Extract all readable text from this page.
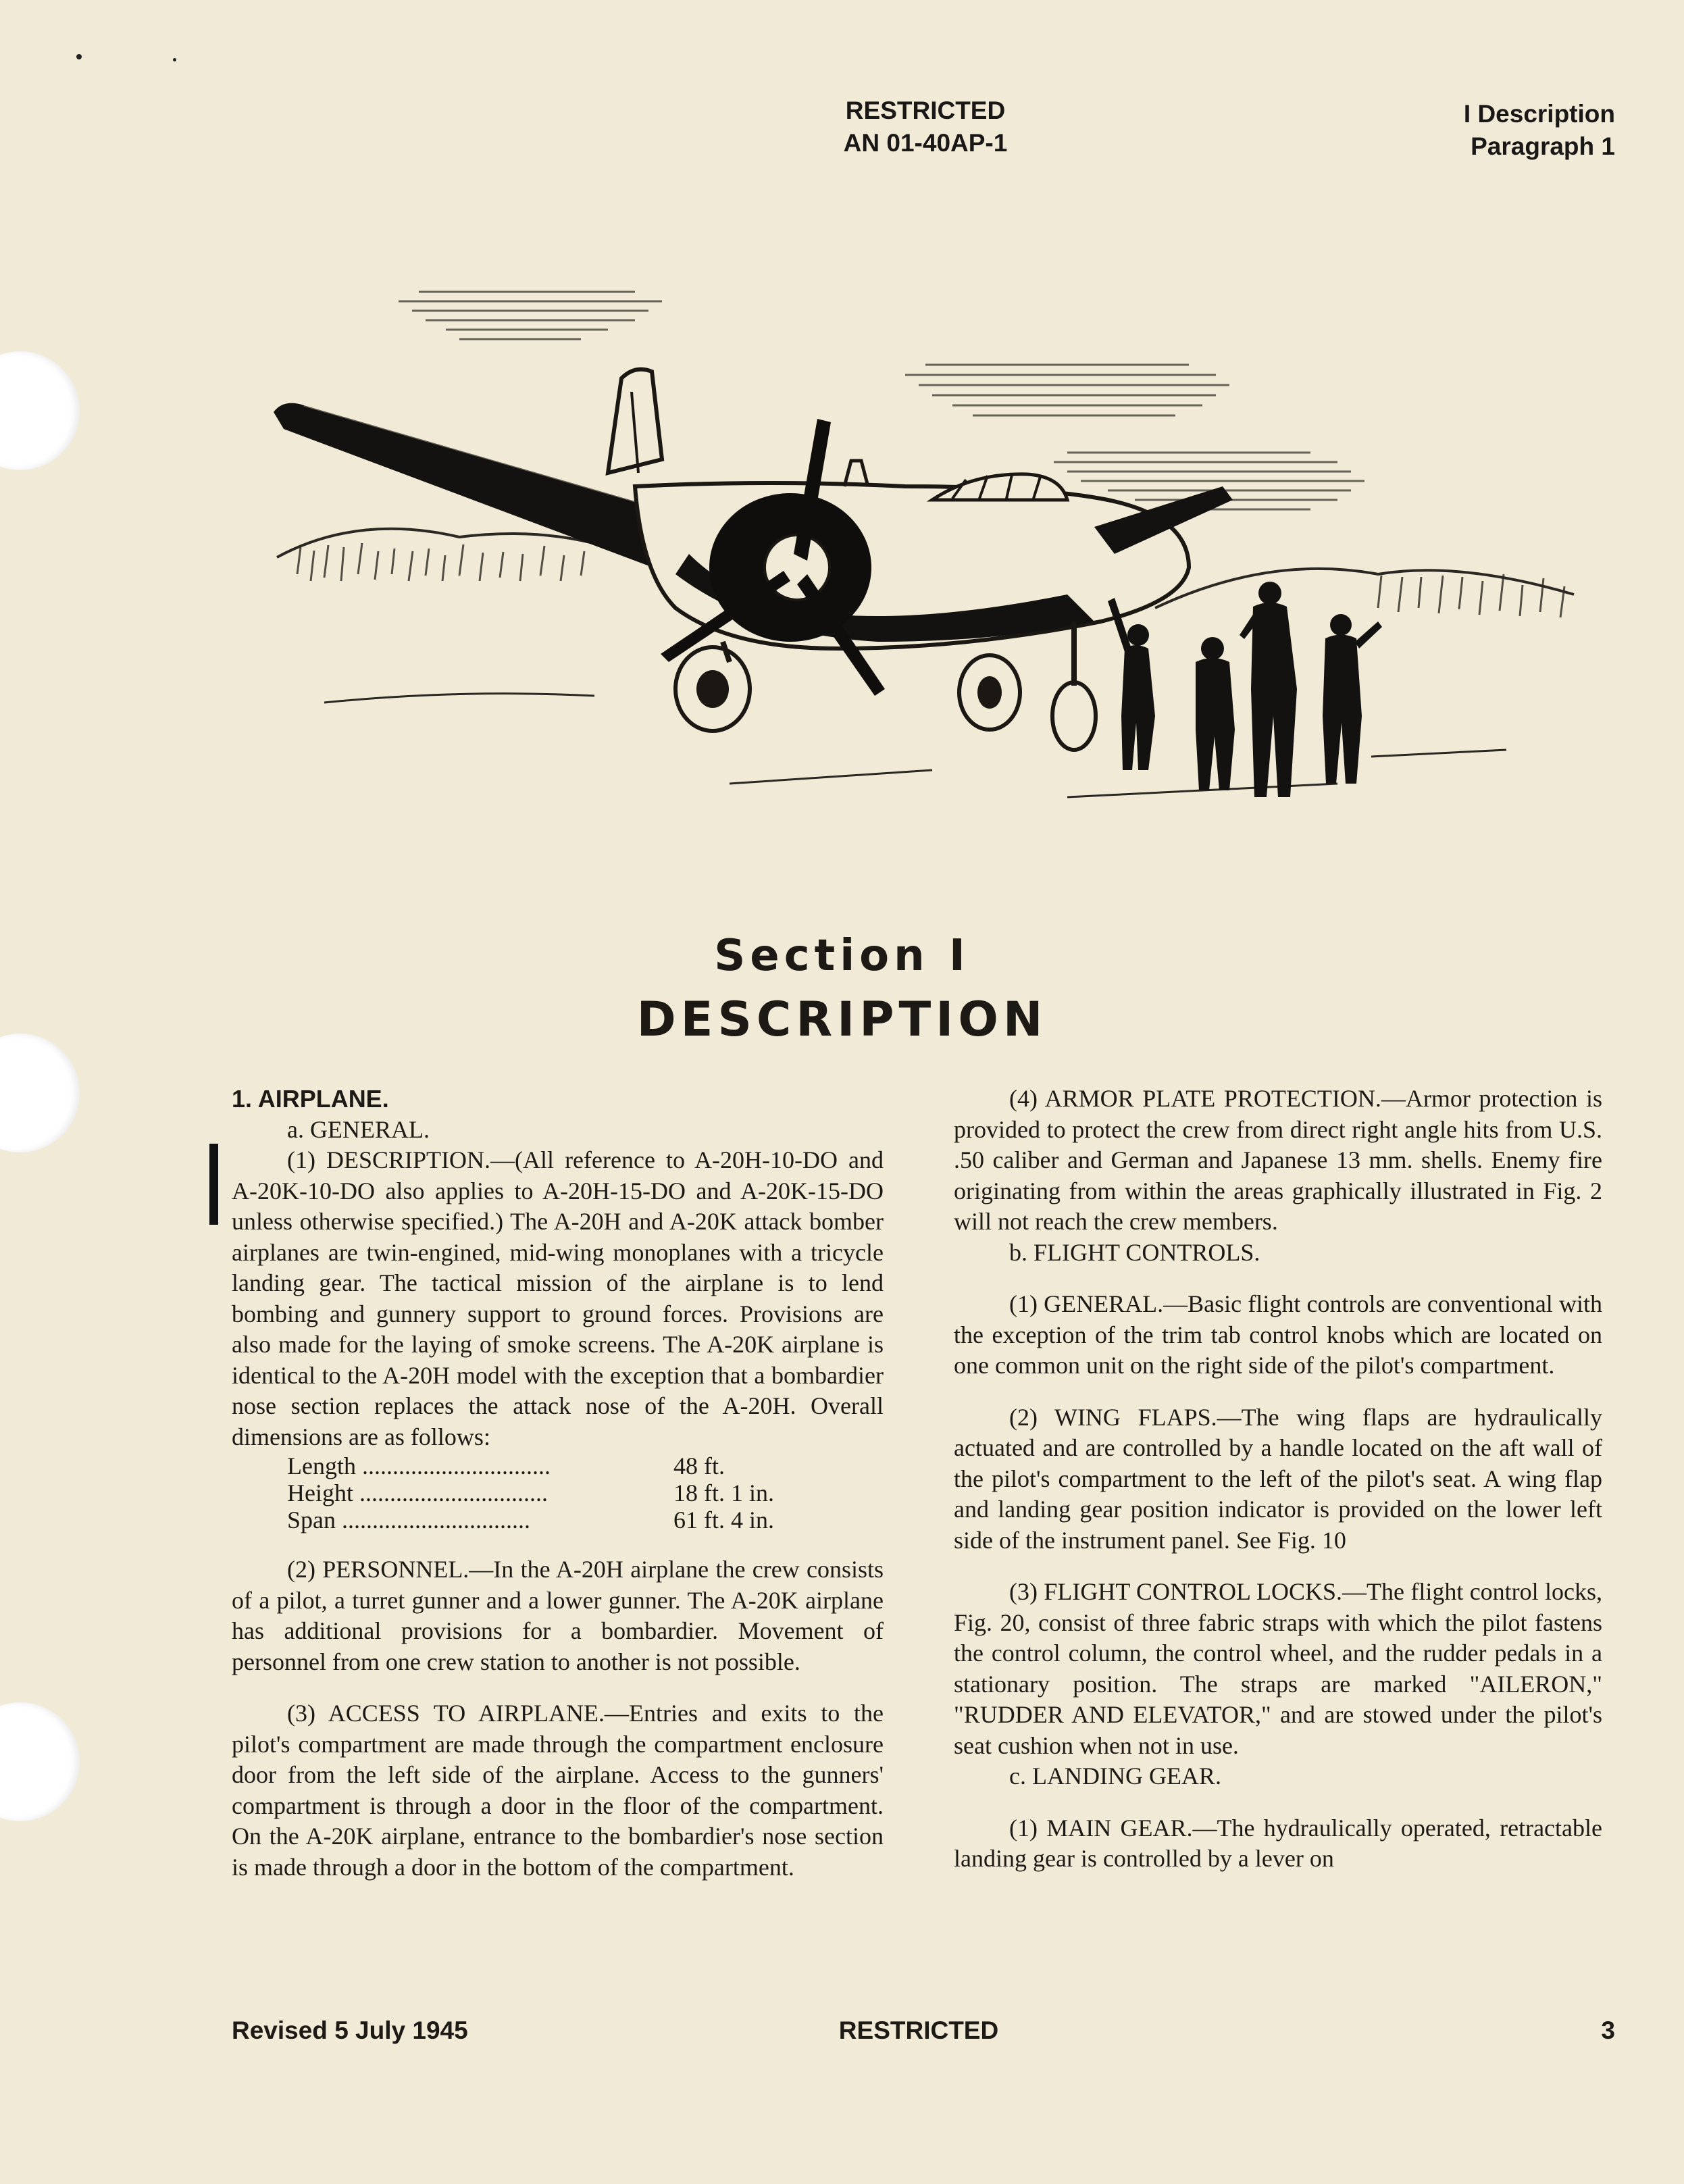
RESTRICTED
AN 01-40AP-1
I Description
Paragraph 1
Section I
DESCRIPTION

1. AIRPLANE.

a. GENERAL.

(1) DESCRIPTION.—(All reference to A-20H-10-DO and A-20K-10-DO also applies to A-20H-15-DO and A-20K-15-DO unless otherwise specified.) The A-20H and A-20K attack bomber airplanes are twin-engined, mid-wing monoplanes with a tricycle landing gear. The tactical mission of the airplane is to lend bombing and gunnery support to ground forces. Provisions are also made for the laying of smoke screens. The A-20K airplane is identical to the A-20H model with the exception that a bombardier nose section replaces the attack nose of the A-20H. Overall dimensions are as follows:

Length ...............................	48 ft.
Height ...............................	18 ft. 1 in.
Span ...............................	61 ft. 4 in.

(2) PERSONNEL.—In the A-20H airplane the crew consists of a pilot, a turret gunner and a lower gunner. The A-20K airplane has additional provisions for a bombardier. Movement of personnel from one crew station to another is not possible.

(3) ACCESS TO AIRPLANE.—Entries and exits to the pilot's compartment are made through the compartment enclosure door from the left side of the airplane. Access to the gunners' compartment is through a door in the floor of the compartment. On the A-20K airplane, entrance to the bombardier's nose section is made through a door in the bottom of the compartment.

(4) ARMOR PLATE PROTECTION.—Armor protection is provided to protect the crew from direct right angle hits from U.S. .50 caliber and German and Japanese 13 mm. shells. Enemy fire originating from within the areas graphically illustrated in Fig. 2 will not reach the crew members.

b. FLIGHT CONTROLS.

(1) GENERAL.—Basic flight controls are conventional with the exception of the trim tab control knobs which are located on one common unit on the right side of the pilot's compartment.

(2) WING FLAPS.—The wing flaps are hydraulically actuated and are controlled by a handle located on the aft wall of the pilot's compartment to the left of the pilot's seat. A wing flap and landing gear position indicator is provided on the lower left side of the instrument panel. See Fig. 10

(3) FLIGHT CONTROL LOCKS.—The flight control locks, Fig. 20, consist of three fabric straps with which the pilot fastens the control column, the control wheel, and the rudder pedals in a stationary position. The straps are marked "AILERON," "RUDDER AND ELEVATOR," and are stowed under the pilot's seat cushion when not in use.

c. LANDING GEAR.

(1) MAIN GEAR.—The hydraulically operated, retractable landing gear is controlled by a lever on

Revised 5 July 1945	RESTRICTED	3
